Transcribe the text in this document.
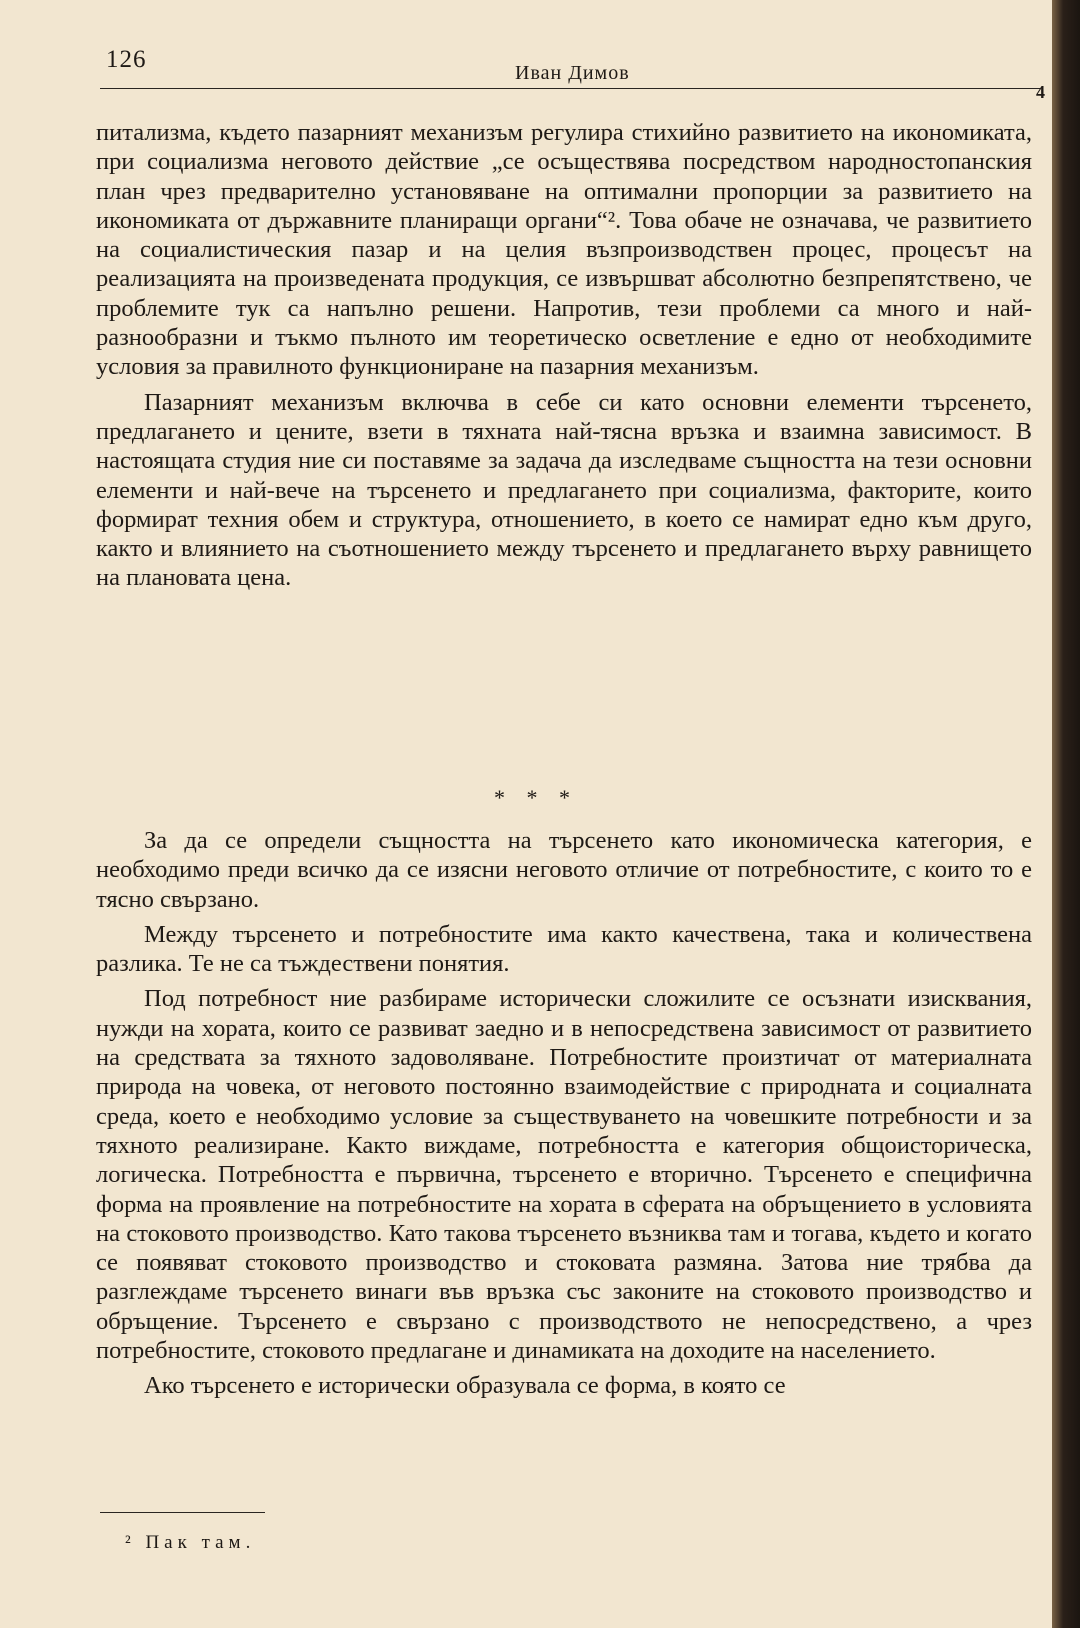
126	Иван Димов
4

питализма, където пазарният механизъм регулира стихийно развитието на икономиката, при социализма неговото действие „се осъществява посредством народностопанския план чрез предварително установяване на оптимални пропорции за развитието на икономиката от държавните планиращи органи“². Това обаче не означава, че развитието на социалистическия пазар и на целия възпроизводствен процес, процесът на реализацията на произведената продукция, се извършват абсолютно безпрепятствено, че проблемите тук са напълно решени. Напротив, тези проблеми са много и най-разнообразни и тъкмо пълното им теоретическо осветление е едно от необходимите условия за правилното функциониране на пазарния механизъм.

Пазарният механизъм включва в себе си като основни елементи търсенето, предлагането и цените, взети в тяхната най-тясна връзка и взаимна зависимост. В настоящата студия ние си поставяме за задача да изследваме същността на тези основни елементи и най-вече на търсенето и предлагането при социализма, факторите, които формират техния обем и структура, отношението, в което се намират едно към друго, както и влиянието на съотношението между търсенето и предлагането върху равнището на плановата цена.

* * *

За да се определи същността на търсенето като икономическа категория, е необходимо преди всичко да се изясни неговото отличие от потребностите, с които то е тясно свързано.

Между търсенето и потребностите има както качествена, така и количествена разлика. Те не са тъждествени понятия.

Под потребност ние разбираме исторически сложилите се осъзнати изисквания, нужди на хората, които се развиват заедно и в непосредствена зависимост от развитието на средствата за тяхното задоволяване. Потребностите произтичат от материалната природа на човека, от неговото постоянно взаимодействие с природната и социалната среда, което е необходимо условие за съществуването на човешките потребности и за тяхното реализиране. Както виждаме, потребността е категория общоисторическа, логическа. Потребността е първична, търсенето е вторично. Търсенето е специфична форма на проявление на потребностите на хората в сферата на обръщението в условията на стоковото производство. Като такова търсенето възниква там и тогава, където и когато се появяват стоковото производство и стоковата размяна. Затова ние трябва да разглеждаме търсенето винаги във връзка със законите на стоковото производство и обръщение. Търсенето е свързано с производството не непосредствено, а чрез потребностите, стоковото предлагане и динамиката на доходите на населението.

Ако търсенето е исторически образувала се форма, в която се

² Пак там.
